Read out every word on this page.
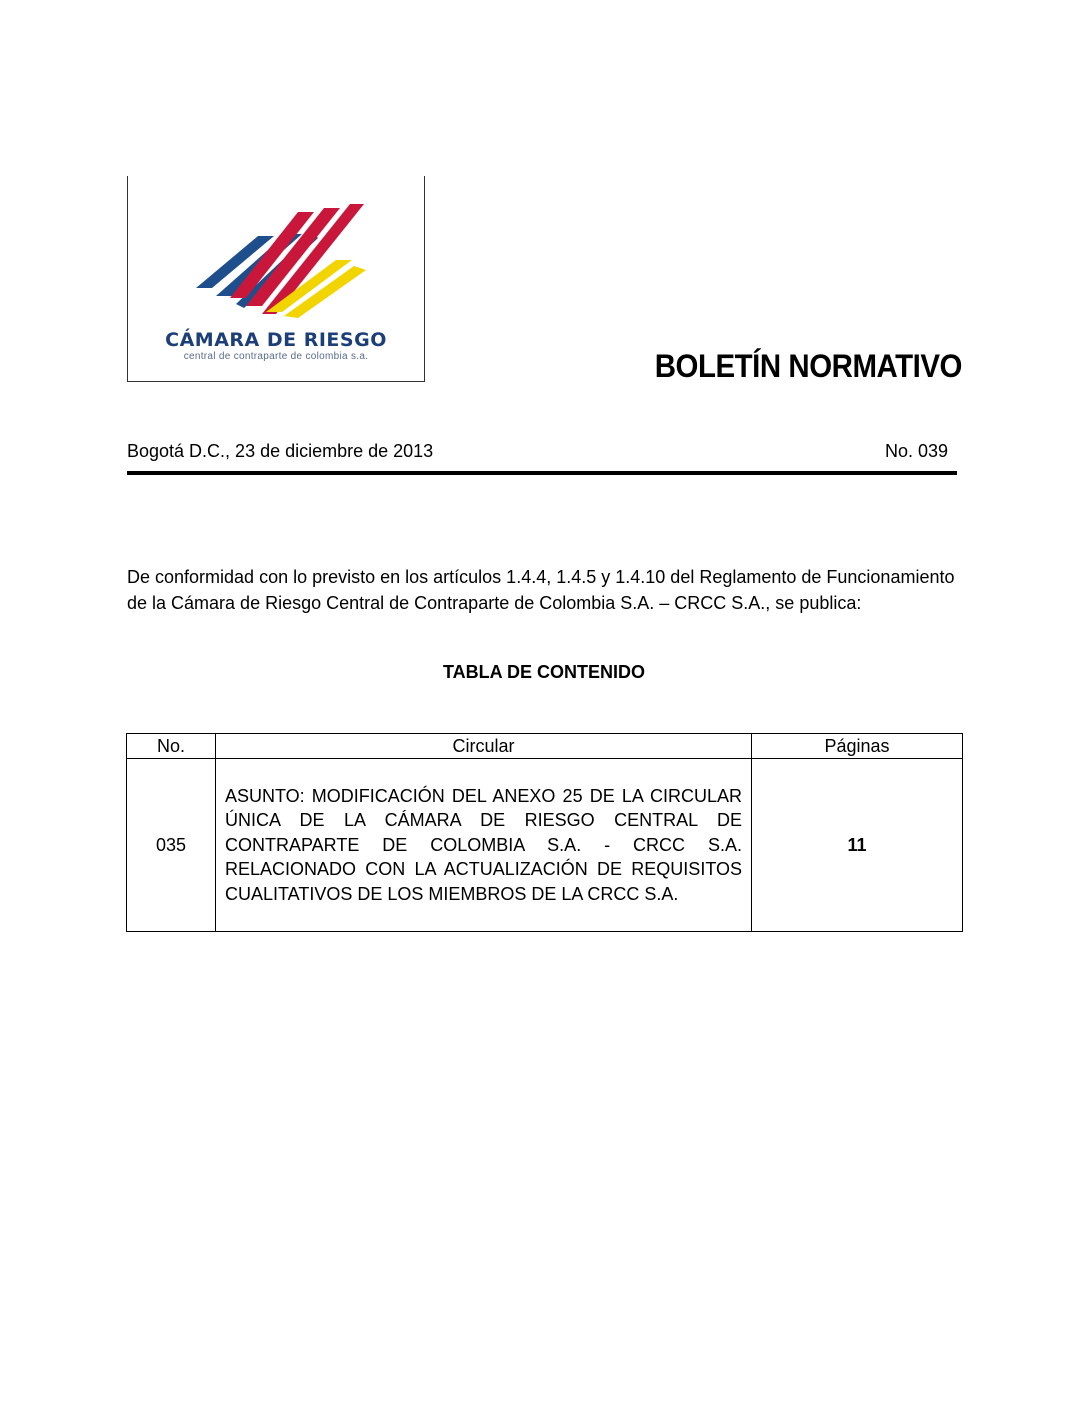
CÁMARA DE RIESGO
central de contraparte de colombia s.a.	BOLETÍN NORMATIVO
Bogotá D.C., 23 de diciembre de 2013	No. 039
De conformidad con lo previsto en los artículos 1.4.4, 1.4.5 y 1.4.10 del Reglamento de Funcionamiento de la Cámara de Riesgo Central de Contraparte de Colombia S.A. – CRCC S.A., se publica:
TABLA DE CONTENIDO
No.	Circular	Páginas
035	ASUNTO: MODIFICACIÓN DEL ANEXO 25 DE LA CIRCULAR ÚNICA DE LA CÁMARA DE RIESGO CENTRAL DE CONTRAPARTE DE COLOMBIA S.A. - CRCC S.A. RELACIONADO CON LA ACTUALIZACIÓN DE REQUISITOS CUALITATIVOS DE LOS MIEMBROS DE LA CRCC S.A.	11
